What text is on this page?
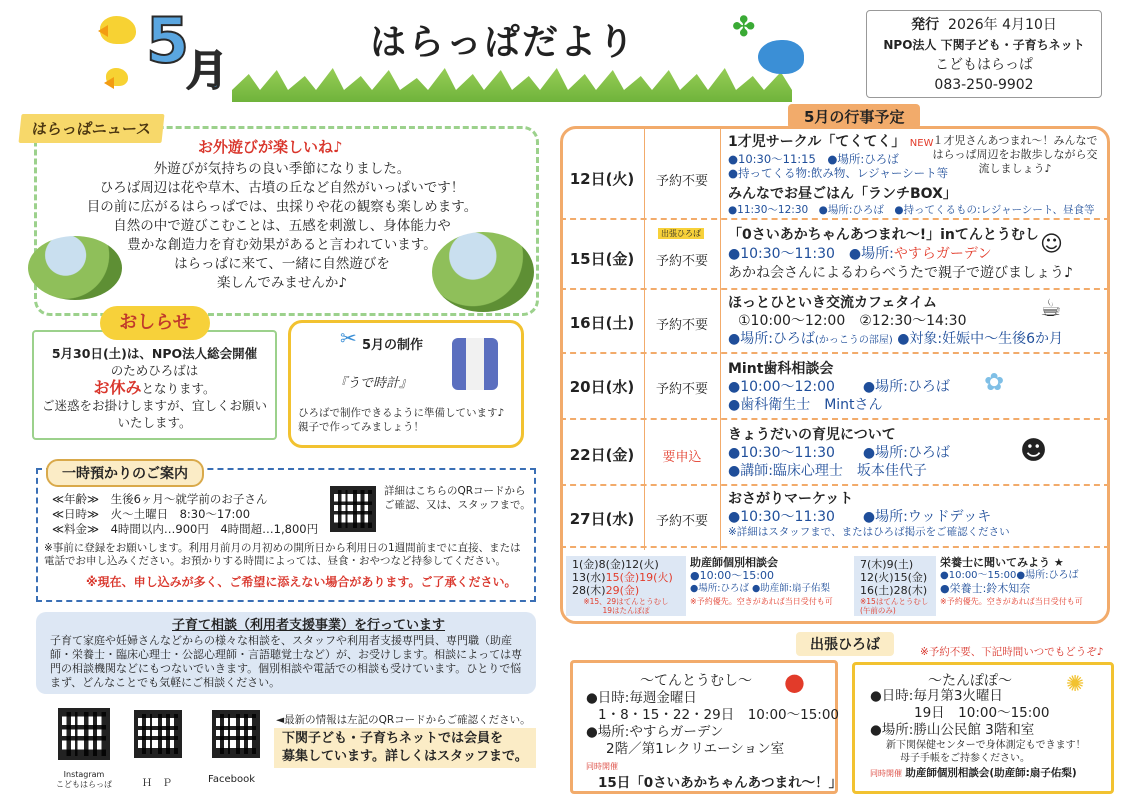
5
月
はらっぱだより	✤	発行 2026年 4月10日
NPO法人 下関子ども・子育ちネット
こどもはらっぱ
083-250-9902
はらっぱニュース
お外遊びが楽しいね♪
外遊びが気持ちの良い季節になりました。
ひろば周辺は花や草木、古墳の丘など自然がいっぱいです！
目の前に広がるはらっぱでは、虫採りや花の観察も楽しめます。
自然の中で遊びこむことは、五感を刺激し、身体能力や
豊かな創造力を育む効果があると言われています。
はらっぱに来て、一緒に自然遊びを
楽しんでみませんか♪
おしらせ
5月30日(土)は、NPO法人総会開催
のためひろばは
お休みとなります。
ご迷惑をお掛けしますが、宜しくお願い
いたします。
✂ 5月の制作
『うで時計』
ひろばで制作できるように準備しています♪
親子で作ってみましょう！
一時預かりのご案内
≪年齢≫　生後6ヶ月～就学前のお子さん
≪日時≫　火～土曜日　8:30～17:00
≪料金≫　4時間以内…900円　4時間超…1,800円
詳細はこちらのQRコードからご確認、又は、スタッフまで。
※事前に登録をお願いします。利用月前月の月初めの開所日から利用日の1週間前までに直接、または電話でお申し込みください。お預かりする時間によっては、昼食・おやつなど持参してください。
※現在、申し込みが多く、ご希望に添えない場合があります。ご了承ください。
子育て相談（利用者支援事業）を行っています
子育て家庭や妊婦さんなどからの様々な相談を、スタッフや利用者支援専門員、専門職（助産師・栄養士・臨床心理士・公認心理師・言語聴覚士など）が、お受けします。相談によっては専門の相談機関などにもつないでいきます。個別相談や電話での相談も受けています。ひとりで悩まず、どんなことでも気軽にご相談ください。
Instagram
こどもはらっぱ	Ｈ　Ｐ	Facebook
◄最新の情報は左記のQRコードからご確認ください。
下関子ども・子育ちネットでは会員を
募集しています。詳しくはスタッフまで。
5月の行事予定
12日(火)	予約不要
1才児サークル「てくてく」 NEW
●10:30～11:15　●場所:ひろば
●持ってくる物:飲み物、レジャーシート等
みんなでお昼ごはん「ランチBOX」
●11:30～12:30　●場所:ひろば　●持ってくるもの:レジャーシート、昼食等
１才児さんあつまれ～！みんなではらっぱ周辺をお散歩しながら交流しましょう♪
出張ひろば
15日(金)	予約不要
「0さいあかちゃんあつまれ～!」inてんとうむし
●10:30～11:30　●場所:やすらガーデン
あかね会さんによるわらべうたで親子で遊びましょう♪
☺
16日(土)	予約不要
ほっとひといき交流カフェタイム
①10:00～12:00　②12:30～14:30
●場所:ひろば(かっこうの部屋) ●対象:妊娠中～生後6か月
☕
20日(水)	予約不要
Mint歯科相談会
●10:00～12:00　　●場所:ひろば
●歯科衛生士　Mintさん
✿
22日(金)	要申込
きょうだいの育児について
●10:30～11:30　　●場所:ひろば
●講師:臨床心理士　坂本佳代子
☻
27日(水)	予約不要
おさがりマーケット
●10:30～11:30　　●場所:ウッドデッキ
※詳細はスタッフまで、またはひろば掲示をご確認ください
1(金)8(金)12(火)
13(水)15(金)19(火)
28(木)29(金)
※15、29はてんとうむし
19はたんぽぽ
助産師個別相談会
●10:00～15:00
●場所:ひろば ●助産師:扇子佑梨
※予約優先。空きがあれば当日受付も可
7(木)9(土)
12(火)15(金)
16(土)28(木)
※15はてんとうむし
(午前のみ)
栄養士に聞いてみよう ★
●10:00～15:00●場所:ひろば
●栄養士:鈴木知奈
※予約優先。空きがあれば当日受付も可
出張ひろば	※予約不要、下記時間いつでもどうぞ♪
～てんとうむし～ ●
●日時:毎週金曜日
1・8・15・22・29日　10:00～15:00
●場所:やすらガーデン
2階／第1レクリエーション室
同時開催
15日「0さいあかちゃんあつまれ～！」
～たんぽぽ～ ✺
●日時:毎月第3火曜日
19日　10:00～15:00
●場所:勝山公民館 3階和室
新下関保健センターで身体測定もできます！
母子手帳をご持参ください。
同時開催 助産師個別相談会(助産師:扇子佑梨)
